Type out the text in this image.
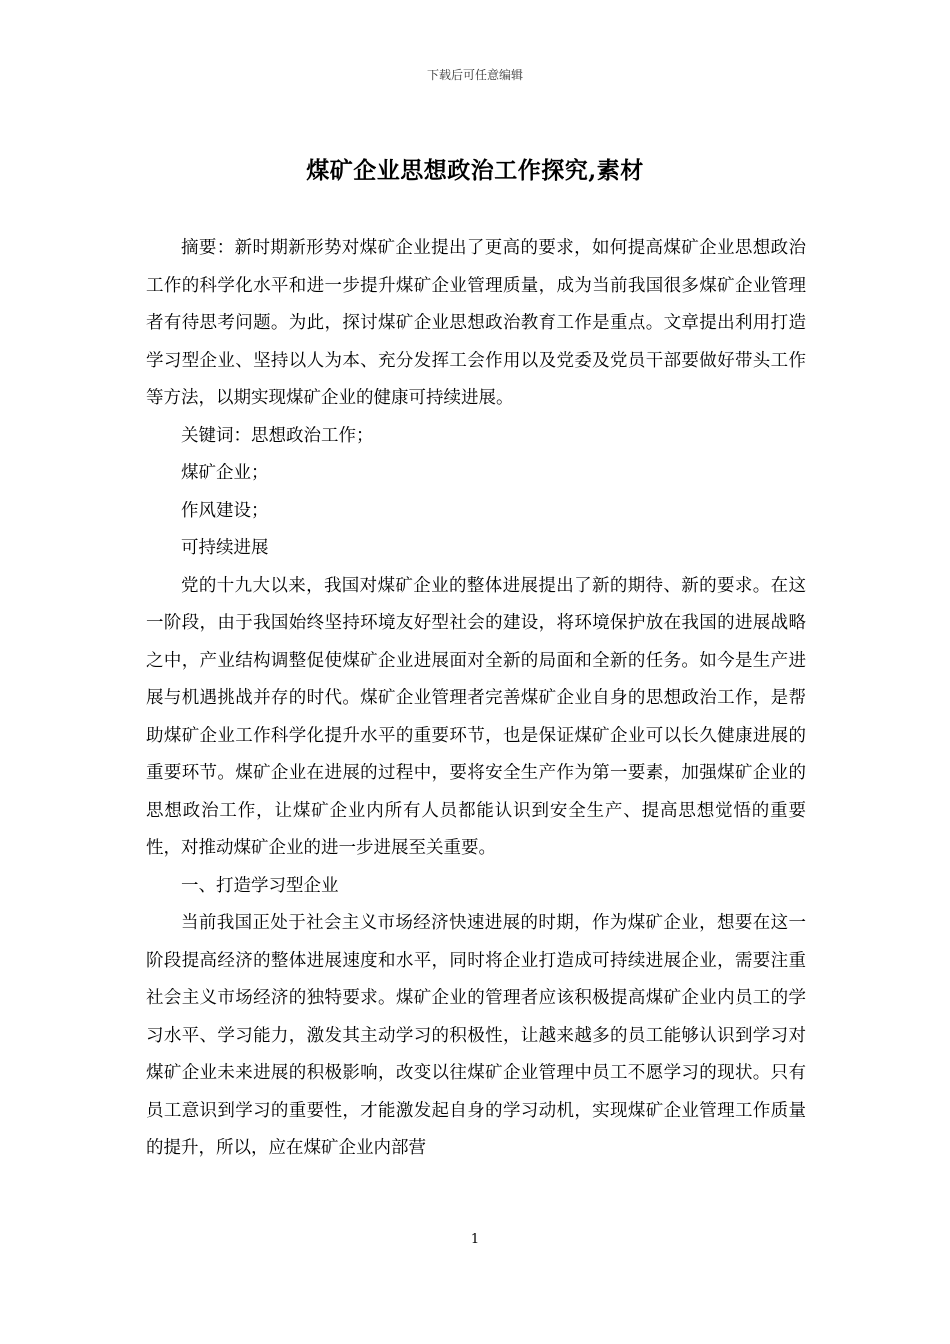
下载后可任意编辑
煤矿企业思想政治工作探究,素材

摘要：新时期新形势对煤矿企业提出了更高的要求，如何提高煤矿企业思想政治工作的科学化水平和进一步提升煤矿企业管理质量，成为当前我国很多煤矿企业管理者有待思考问题。为此，探讨煤矿企业思想政治教育工作是重点。文章提出利用打造学习型企业、坚持以人为本、充分发挥工会作用以及党委及党员干部要做好带头工作等方法，以期实现煤矿企业的健康可持续进展。

关键词：思想政治工作；

煤矿企业；

作风建设；

可持续进展

党的十九大以来，我国对煤矿企业的整体进展提出了新的期待、新的要求。在这一阶段，由于我国始终坚持环境友好型社会的建设，将环境保护放在我国的进展战略之中，产业结构调整促使煤矿企业进展面对全新的局面和全新的任务。如今是生产进展与机遇挑战并存的时代。煤矿企业管理者完善煤矿企业自身的思想政治工作，是帮助煤矿企业工作科学化提升水平的重要环节，也是保证煤矿企业可以长久健康进展的重要环节。煤矿企业在进展的过程中，要将安全生产作为第一要素，加强煤矿企业的思想政治工作，让煤矿企业内所有人员都能认识到安全生产、提高思想觉悟的重要性，对推动煤矿企业的进一步进展至关重要。

一、打造学习型企业

当前我国正处于社会主义市场经济快速进展的时期，作为煤矿企业，想要在这一阶段提高经济的整体进展速度和水平，同时将企业打造成可持续进展企业，需要注重社会主义市场经济的独特要求。煤矿企业的管理者应该积极提高煤矿企业内员工的学习水平、学习能力，激发其主动学习的积极性，让越来越多的员工能够认识到学习对煤矿企业未来进展的积极影响，改变以往煤矿企业管理中员工不愿学习的现状。只有员工意识到学习的重要性，才能激发起自身的学习动机，实现煤矿企业管理工作质量的提升，所以，应在煤矿企业内部营

1
